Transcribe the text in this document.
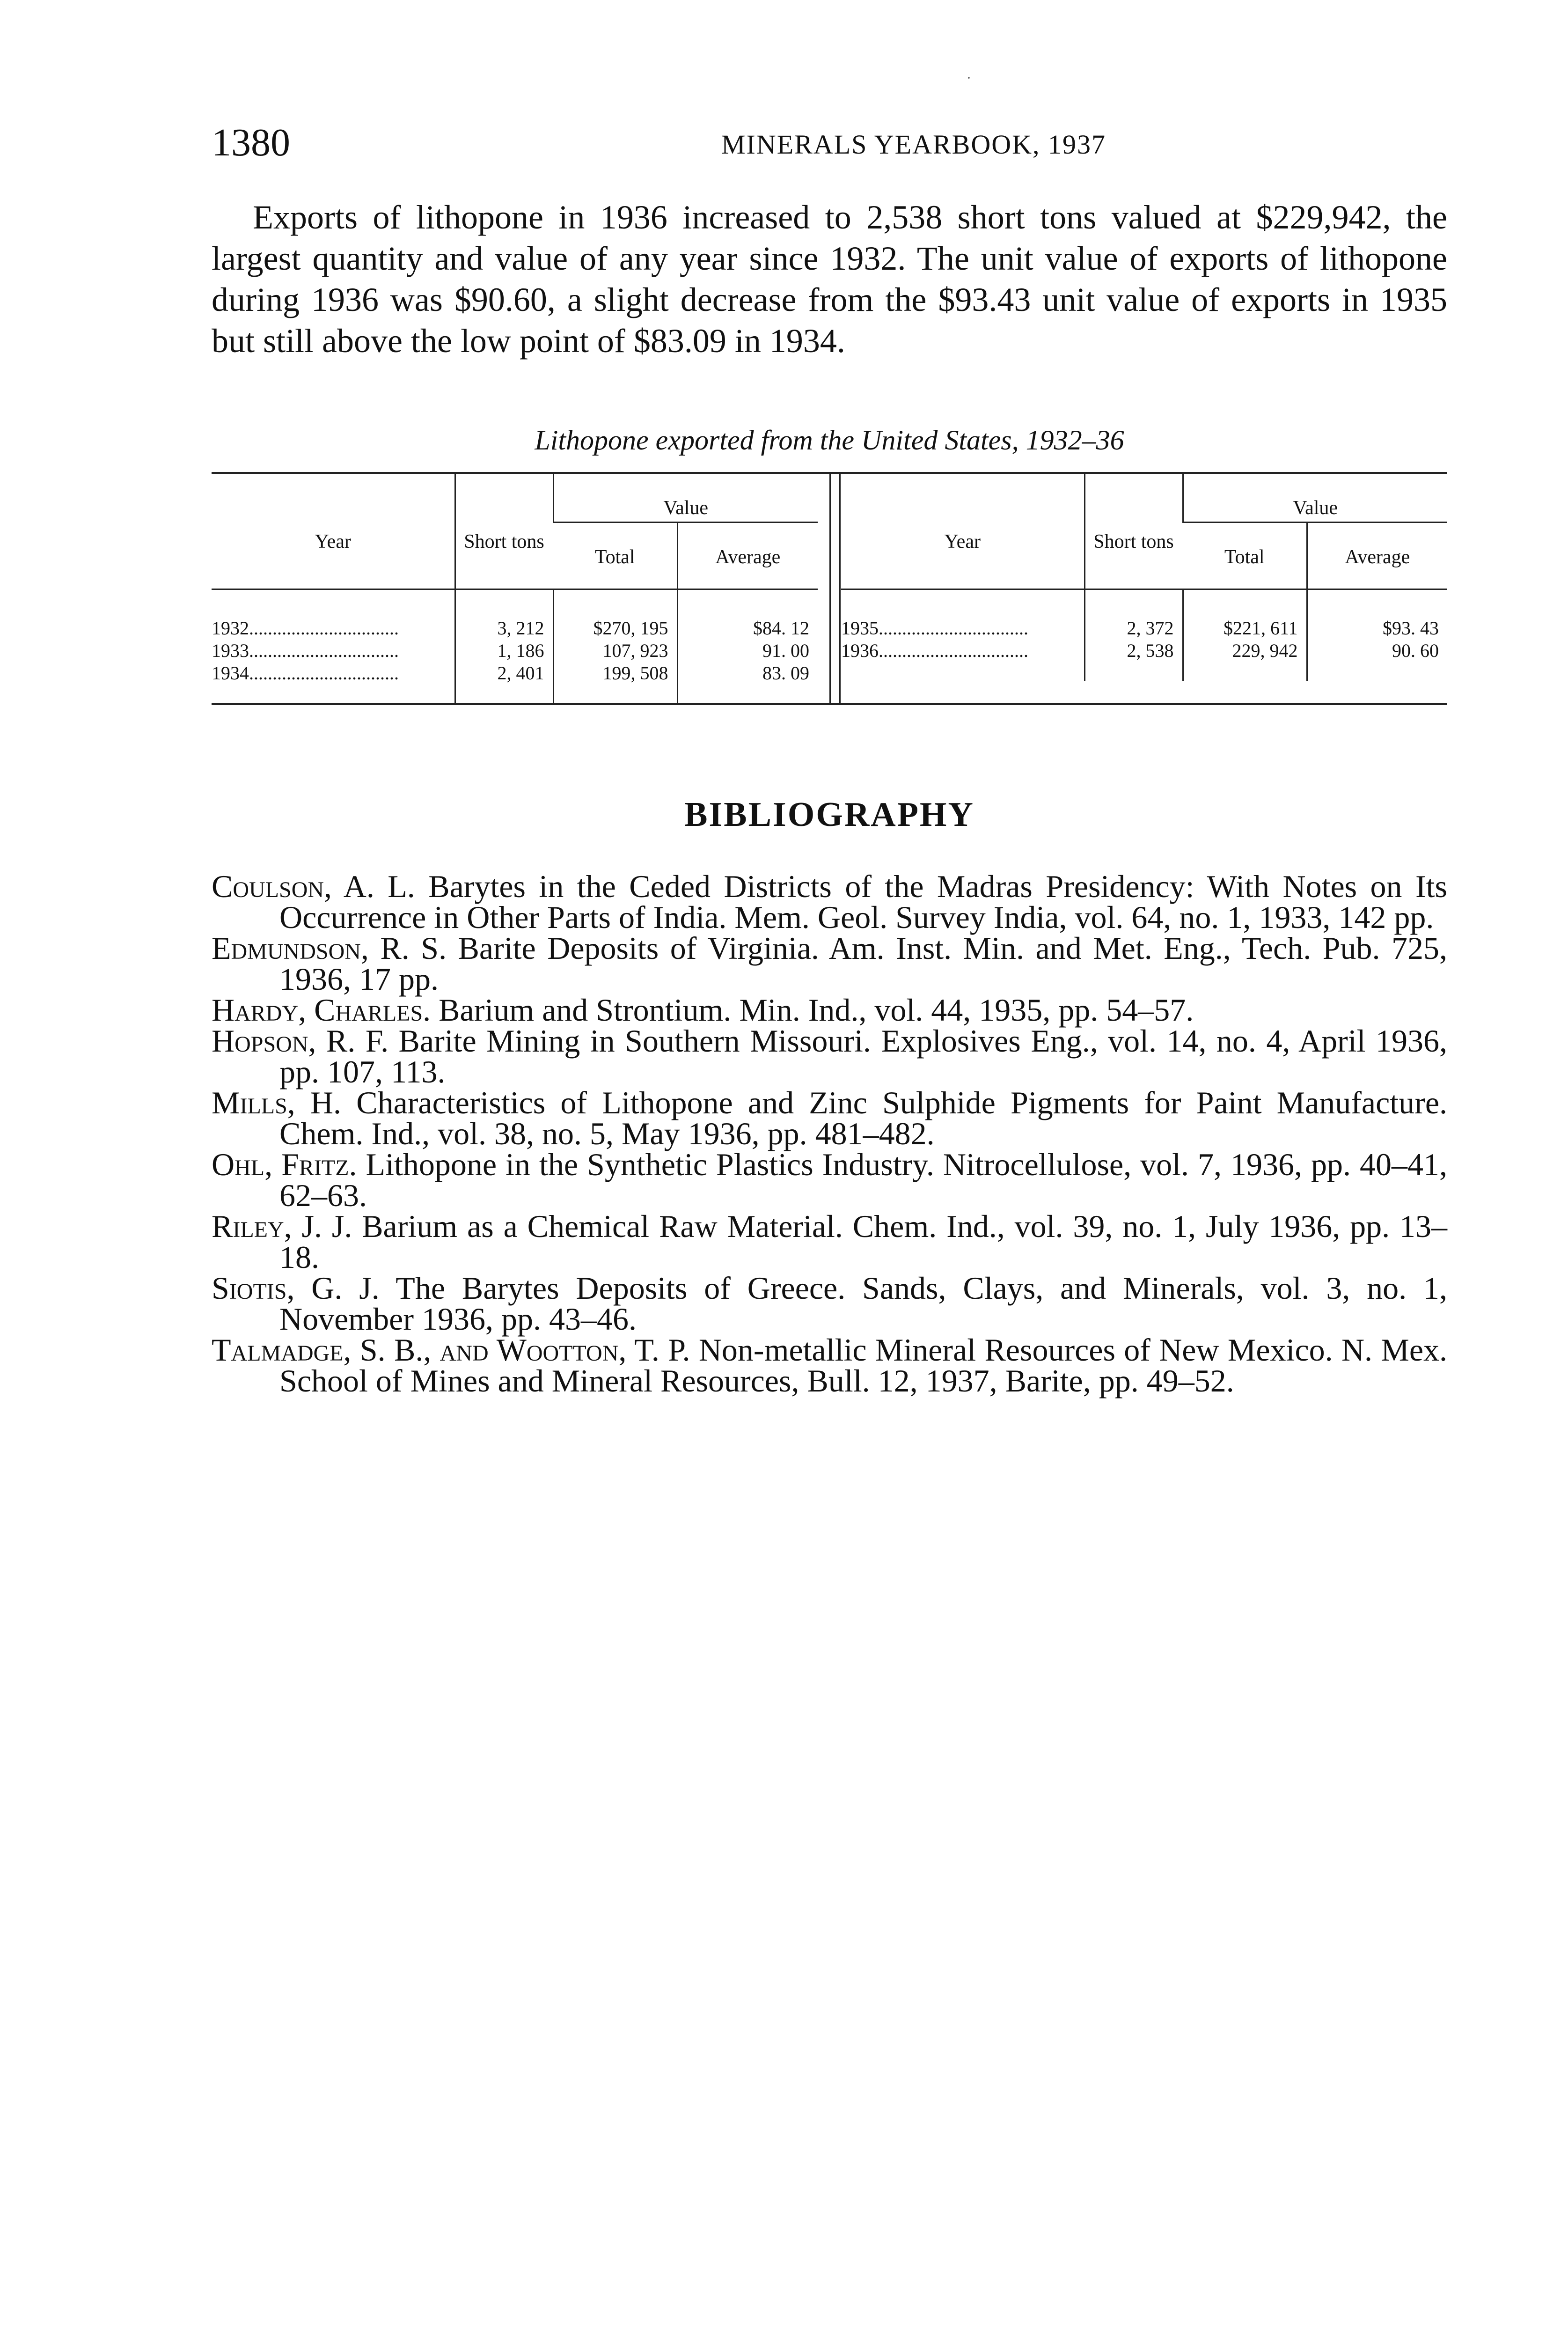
1380	MINERALS YEARBOOK, 1937

Exports of lithopone in 1936 increased to 2,538 short tons valued at $229,942, the largest quantity and value of any year since 1932. The unit value of exports of lithopone during 1936 was $90.60, a slight decrease from the $93.43 unit value of exports in 1935 but still above the low point of $83.09 in 1934.

Lithopone exported from the United States, 1932–36
Year	Short tons	Value	
		Total	Average
1932................................	3, 212	$270, 195	$84. 12
1933................................	1, 186	107, 923	91. 00
1934................................	2, 401	199, 508	83. 09
Year	Short tons	Value	
		Total	Average
1935................................	2, 372	$221, 611	$93. 43
1936................................	2, 538	229, 942	90. 60
BIBLIOGRAPHY

Coulson, A. L. Barytes in the Ceded Districts of the Madras Presidency: With Notes on Its Occurrence in Other Parts of India. Mem. Geol. Survey India, vol. 64, no. 1, 1933, 142 pp.

Edmundson, R. S. Barite Deposits of Virginia. Am. Inst. Min. and Met. Eng., Tech. Pub. 725, 1936, 17 pp.

Hardy, Charles. Barium and Strontium. Min. Ind., vol. 44, 1935, pp. 54–57.

Hopson, R. F. Barite Mining in Southern Missouri. Explosives Eng., vol. 14, no. 4, April 1936, pp. 107, 113.

Mills, H. Characteristics of Lithopone and Zinc Sulphide Pigments for Paint Manufacture. Chem. Ind., vol. 38, no. 5, May 1936, pp. 481–482.

Ohl, Fritz. Lithopone in the Synthetic Plastics Industry. Nitrocellulose, vol. 7, 1936, pp. 40–41, 62–63.

Riley, J. J. Barium as a Chemical Raw Material. Chem. Ind., vol. 39, no. 1, July 1936, pp. 13–18.

Siotis, G. J. The Barytes Deposits of Greece. Sands, Clays, and Minerals, vol. 3, no. 1, November 1936, pp. 43–46.

Talmadge, S. B., and Wootton, T. P. Non-metallic Mineral Resources of New Mexico. N. Mex. School of Mines and Mineral Resources, Bull. 12, 1937, Barite, pp. 49–52.

·
